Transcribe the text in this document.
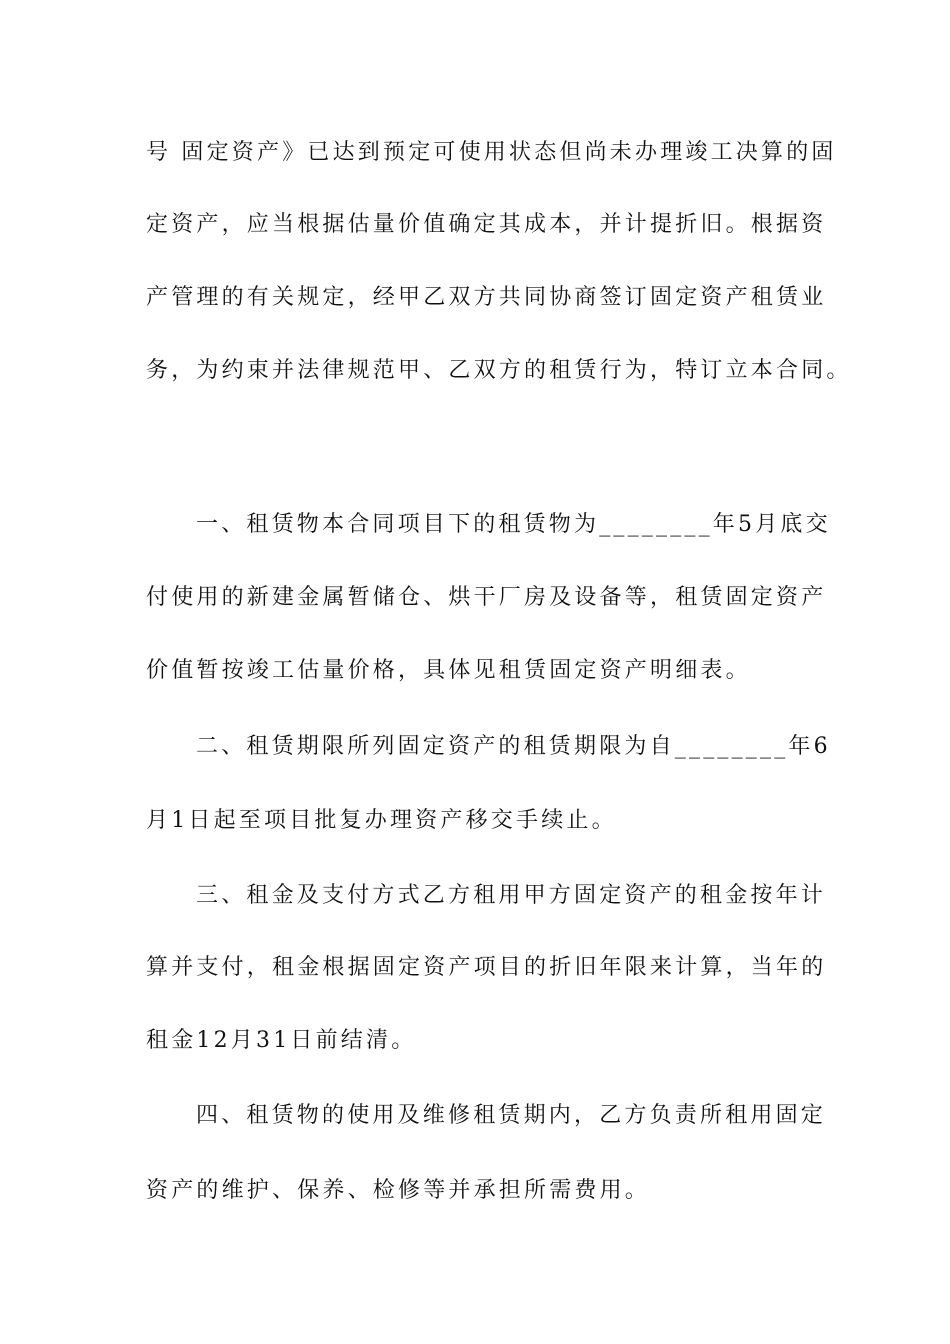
号 固定资产》已达到预定可使用状态但尚未办理竣工决算的固
定资产，应当根据估量价值确定其成本，并计提折旧。根据资
产管理的有关规定，经甲乙双方共同协商签订固定资产租赁业
务，为约束并法律规范甲、乙双方的租赁行为，特订立本合同。
一、租赁物本合同项目下的租赁物为________年5月底交
付使用的新建金属暂储仓、烘干厂房及设备等，租赁固定资产
价值暂按竣工估量价格，具体见租赁固定资产明细表。
二、租赁期限所列固定资产的租赁期限为自________年6
月1日起至项目批复办理资产移交手续止。
三、租金及支付方式乙方租用甲方固定资产的租金按年计
算并支付，租金根据固定资产项目的折旧年限来计算，当年的
租金12月31日前结清。
四、租赁物的使用及维修租赁期内，乙方负责所租用固定
资产的维护、保养、检修等并承担所需费用。
